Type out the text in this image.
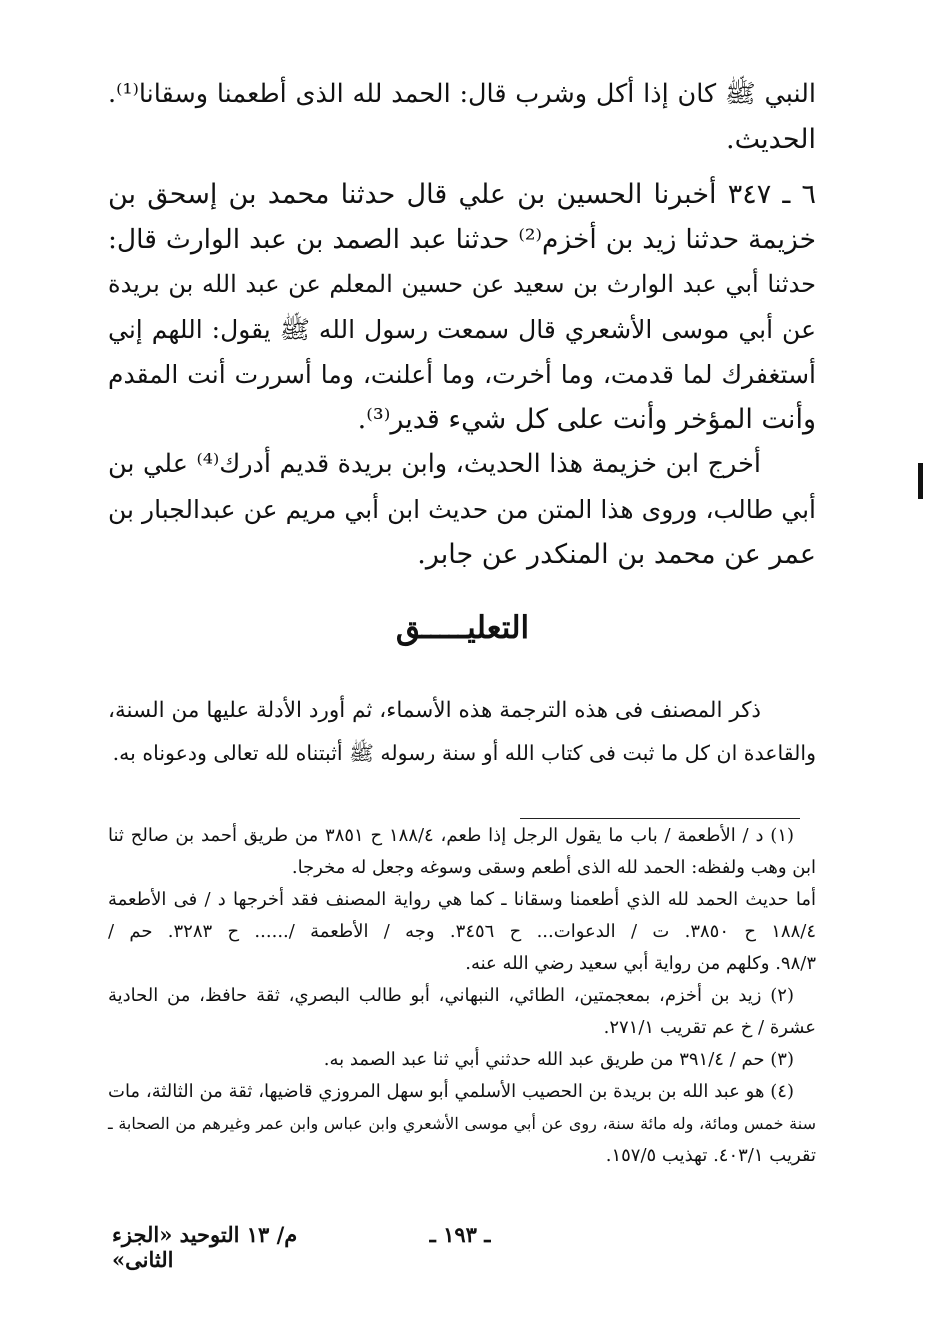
النبي ﷺ كان إذا أكل وشرب قال: الحمد لله الذى أطعمنا وسقانا⁽¹⁾.
الحديث.
٦ ـ ٣٤٧ أخبرنا الحسين بن علي قال حدثنا محمد بن إسحق بن
خزيمة حدثنا زيد بن أخزم⁽²⁾ حدثنا عبد الصمد بن عبد الوارث قال:
حدثنا أبي عبد الوارث بن سعيد عن حسين المعلم عن عبد الله بن بريدة
عن أبي موسى الأشعري قال سمعت رسول الله ﷺ يقول: اللهم إني
أستغفرك لما قدمت، وما أخرت، وما أعلنت، وما أسررت أنت المقدم
وأنت المؤخر وأنت على كل شيء قدير⁽³⁾.
أخرج ابن خزيمة هذا الحديث، وابن بريدة قديم أدرك⁽⁴⁾ علي بن
أبي طالب، وروى هذا المتن من حديث ابن أبي مريم عن عبدالجبار بن
عمر عن محمد بن المنكدر عن جابر.
التعليـــــق
ذكر المصنف فى هذه الترجمة هذه الأسماء، ثم أورد الأدلة عليها من السنة،
والقاعدة ان كل ما ثبت فى كتاب الله أو سنة رسوله ﷺ أثبتناه لله تعالى ودعوناه به.
(١) د / الأطعمة / باب ما يقول الرجل إذا طعم، ١٨٨/٤ ح ٣٨٥١ من طريق أحمد بن صالح ثنا
ابن وهب ولفظه: الحمد لله الذى أطعم وسقى وسوغه وجعل له مخرجا.
أما حديث الحمد لله الذي أطعمنا وسقانا ـ كما هي رواية المصنف فقد أخرجها د / فى الأطعمة
١٨٨/٤ ح ٣٨٥٠. ت / الدعوات... ح ٣٤٥٦. وجه / الأطعمة /...... ح ٣٢٨٣. حم /
٩٨/٣. وكلهم من رواية أبي سعيد رضي الله عنه.
(٢) زيد بن أخزم، بمعجمتين، الطائي، النبهاني، أبو طالب البصري، ثقة حافظ، من الحادية
عشرة / خ عم تقريب ٢٧١/١.
(٣) حم / ٣٩١/٤ من طريق عبد الله حدثني أبي ثنا عبد الصمد به.
(٤) هو عبد الله بن بريدة بن الحصيب الأسلمي أبو سهل المروزي قاضيها، ثقة من الثالثة، مات
سنة خمس ومائة، وله مائة سنة، روى عن أبي موسى الأشعري وابن عباس وابن عمر وغيرهم من الصحابة ـ
تقريب ٤٠٣/١. تهذيب ١٥٧/٥.
ـ ١٩٣ ـ
م/ ١٣ التوحيد «الجزء الثانى»
